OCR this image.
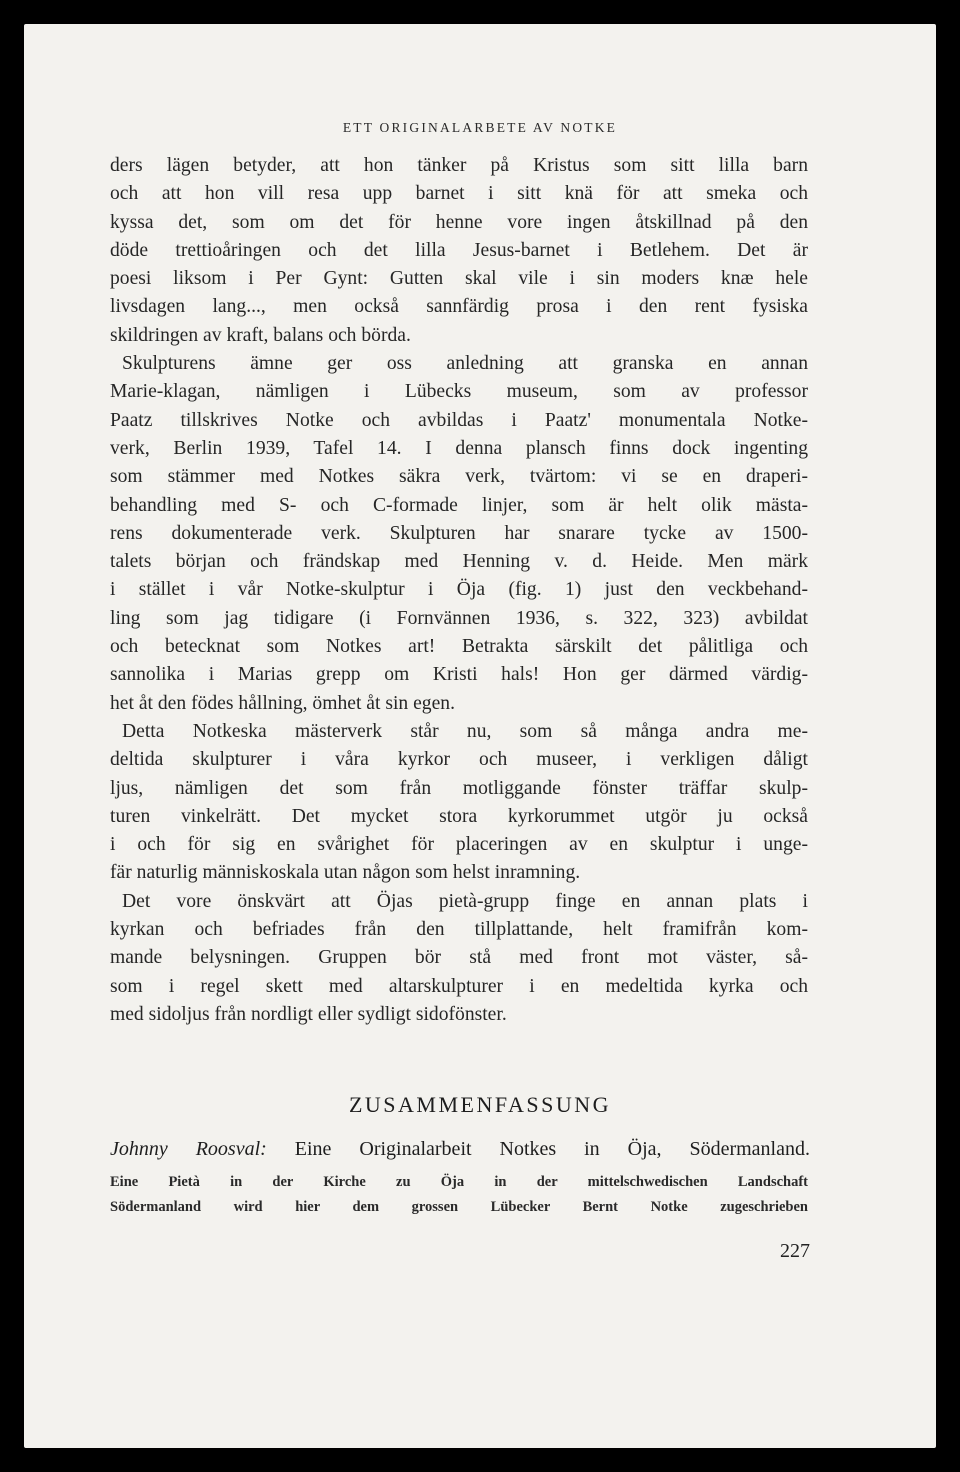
ETT ORIGINALARBETE AV NOTKE
ders lägen betyder, att hon tänker på Kristus som sitt lilla barn
och att hon vill resa upp barnet i sitt knä för att smeka och
kyssa det, som om det för henne vore ingen åtskillnad på den
döde trettioåringen och det lilla Jesus-barnet i Betlehem. Det är
poesi liksom i Per Gynt: Gutten skal vile i sin moders knæ hele
livsdagen lang..., men också sannfärdig prosa i den rent fysiska
skildringen av kraft, balans och börda.
Skulpturens ämne ger oss anledning att granska en annan
Marie-klagan, nämligen i Lübecks museum, som av professor
Paatz tillskrives Notke och avbildas i Paatz' monumentala Notke-
verk, Berlin 1939, Tafel 14. I denna plansch finns dock ingenting
som stämmer med Notkes säkra verk, tvärtom: vi se en draperi-
behandling med S- och C-formade linjer, som är helt olik mästa-
rens dokumenterade verk. Skulpturen har snarare tycke av 1500-
talets början och frändskap med Henning v. d. Heide. Men märk
i stället i vår Notke-skulptur i Öja (fig. 1) just den veckbehand-
ling som jag tidigare (i Fornvännen 1936, s. 322, 323) avbildat
och betecknat som Notkes art! Betrakta särskilt det pålitliga och
sannolika i Marias grepp om Kristi hals! Hon ger därmed värdig-
het åt den födes hållning, ömhet åt sin egen.
Detta Notkeska mästerverk står nu, som så många andra me-
deltida skulpturer i våra kyrkor och museer, i verkligen dåligt
ljus, nämligen det som från motliggande fönster träffar skulp-
turen vinkelrätt. Det mycket stora kyrkorummet utgör ju också
i och för sig en svårighet för placeringen av en skulptur i unge-
fär naturlig människoskala utan någon som helst inramning.
Det vore önskvärt att Öjas pietà-grupp finge en annan plats i
kyrkan och befriades från den tillplattande, helt framifrån kom-
mande belysningen. Gruppen bör stå med front mot väster, så-
som i regel skett med altarskulpturer i en medeltida kyrka och
med sidoljus från nordligt eller sydligt sidofönster.
ZUSAMMENFASSUNG
Johnny Roosval: Eine Originalarbeit Notkes in Öja, Södermanland.
Eine Pietà in der Kirche zu Öja in der mittelschwedischen Landschaft
Södermanland wird hier dem grossen Lübecker Bernt Notke zugeschrieben
227
